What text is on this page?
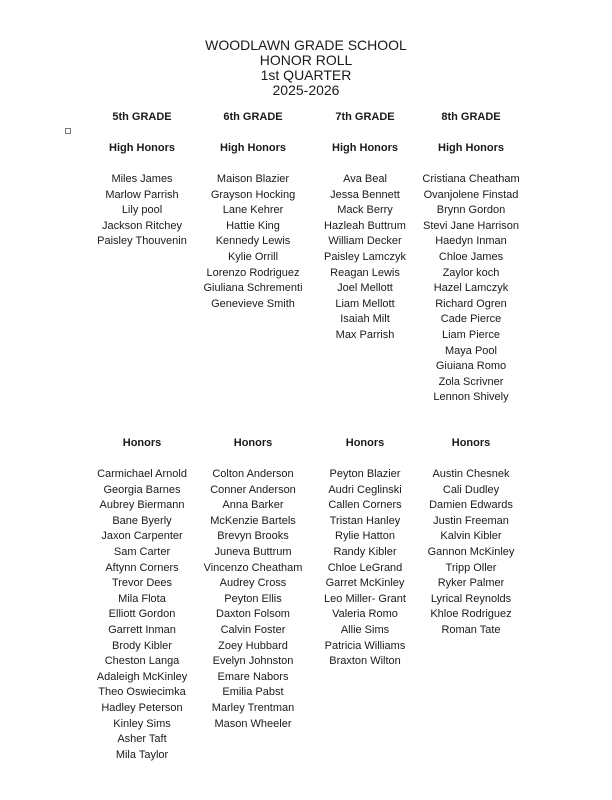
WOODLAWN GRADE SCHOOL
HONOR ROLL
1st QUARTER
2025-2026
5th GRADE
High Honors
Miles James
Marlow Parrish
Lily pool
Jackson Ritchey
Paisley Thouvenin
Honors
Carmichael Arnold
Georgia Barnes
Aubrey Biermann
Bane Byerly
Jaxon Carpenter
Sam Carter
Aftynn Corners
Trevor Dees
Mila Flota
Elliott Gordon
Garrett Inman
Brody Kibler
Cheston Langa
Adaleigh McKinley
Theo Oswiecimka
Hadley Peterson
Kinley Sims
Asher Taft
Mila Taylor
6th GRADE
High Honors
Maison Blazier
Grayson Hocking
Lane Kehrer
Hattie King
Kennedy Lewis
Kylie Orrill
Lorenzo Rodriguez
Giuliana Schrementi
Genevieve Smith
Honors
Colton Anderson
Conner Anderson
Anna Barker
McKenzie Bartels
Brevyn Brooks
Juneva Buttrum
Vincenzo Cheatham
Audrey Cross
Peyton Ellis
Daxton Folsom
Calvin Foster
Zoey Hubbard
Evelyn Johnston
Emare Nabors
Emilia Pabst
Marley Trentman
Mason Wheeler
7th GRADE
High Honors
Ava Beal
Jessa Bennett
Mack Berry
Hazleah Buttrum
William Decker
Paisley Lamczyk
Reagan Lewis
Joel Mellott
Liam Mellott
Isaiah Milt
Max Parrish
Honors
Peyton Blazier
Audri Ceglinski
Callen Corners
Tristan Hanley
Rylie Hatton
Randy Kibler
Chloe LeGrand
Garret McKinley
Leo Miller- Grant
Valeria Romo
Allie Sims
Patricia Williams
Braxton Wilton
8th GRADE
High Honors
Cristiana Cheatham
Ovanjolene Finstad
Brynn Gordon
Stevi Jane Harrison
Haedyn Inman
Chloe James
Zaylor koch
Hazel Lamczyk
Richard Ogren
Cade Pierce
Liam Pierce
Maya Pool
Giuiana Romo
Zola Scrivner
Lennon Shively
Honors
Austin Chesnek
Cali Dudley
Damien Edwards
Justin Freeman
Kalvin Kibler
Gannon McKinley
Tripp Oller
Ryker Palmer
Lyrical Reynolds
Khloe Rodriguez
Roman Tate
